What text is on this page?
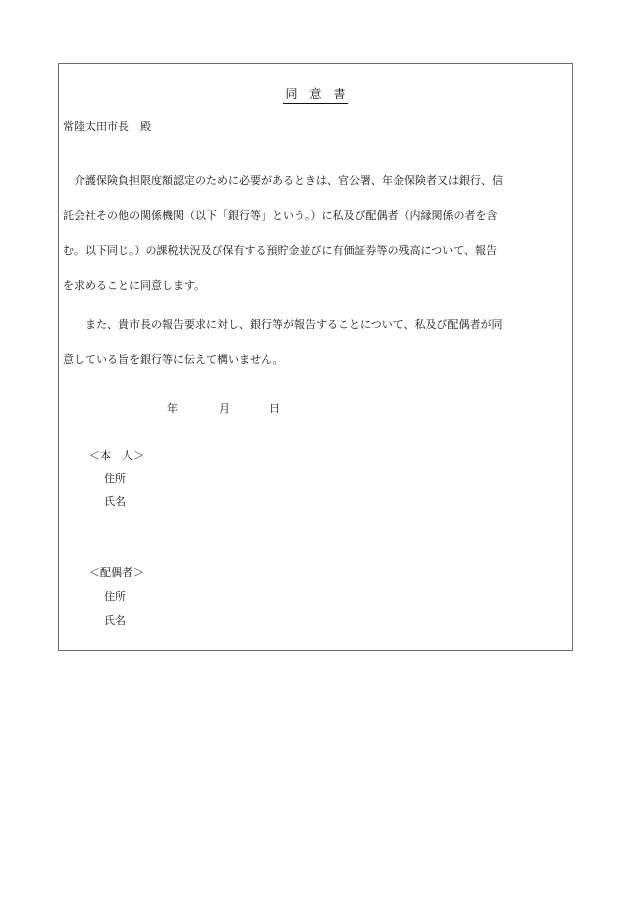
同 意 書
常陸太田市長　殿
　介護保険負担限度額認定のために必要があるときは、官公署、年金保険者又は銀行、信
託会社その他の関係機関（以下「銀行等」という。）に私及び配偶者（内縁関係の者を含
む。以下同じ。）の課税状況及び保有する預貯金並びに有価証券等の残高について、報告
を求めることに同意します。
　　また、貴市長の報告要求に対し、銀行等が報告することについて、私及び配偶者が同
意している旨を銀行等に伝えて構いません。
年	月	日
＜本　人＞
住所
氏名
＜配偶者＞
住所
氏名
